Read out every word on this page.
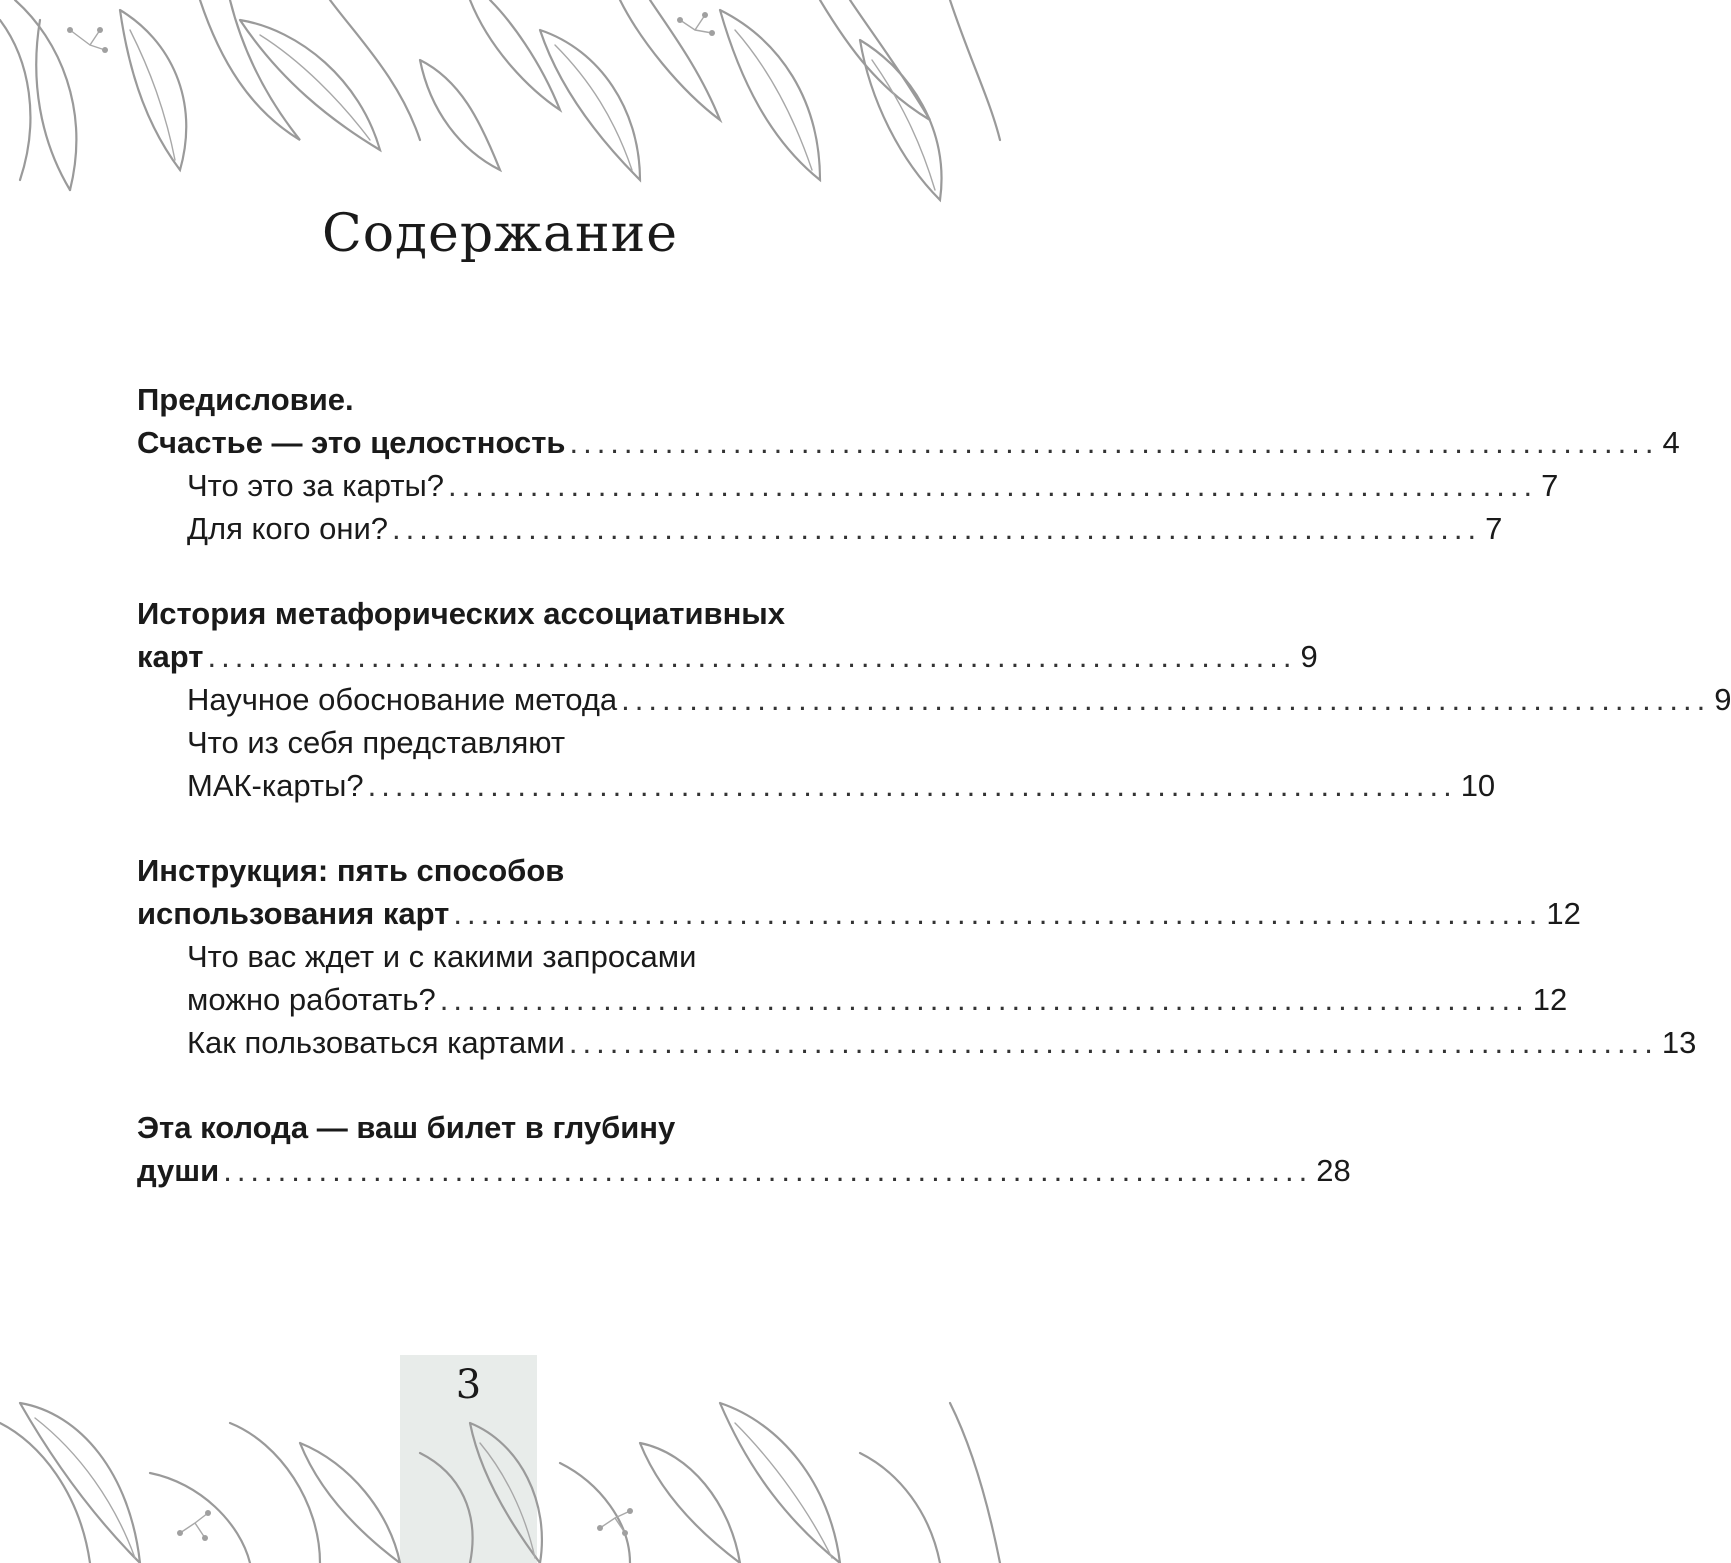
Содержание
Предисловие.
Счастье — это целостность ................................................................................ 4
Что это за карты? ................................................................................ 7
Для кого они? ................................................................................ 7
История метафорических ассоциативных
карт ................................................................................ 9
Научное обоснование метода ................................................................................ 9
Что из себя представляют
МАК-карты? ................................................................................ 10
Инструкция: пять способов
использования карт ................................................................................ 12
Что вас ждет и с какими запросами
можно работать? ................................................................................ 12
Как пользоваться картами ................................................................................ 13
Эта колода — ваш билет в глубину
души ................................................................................ 28
3
